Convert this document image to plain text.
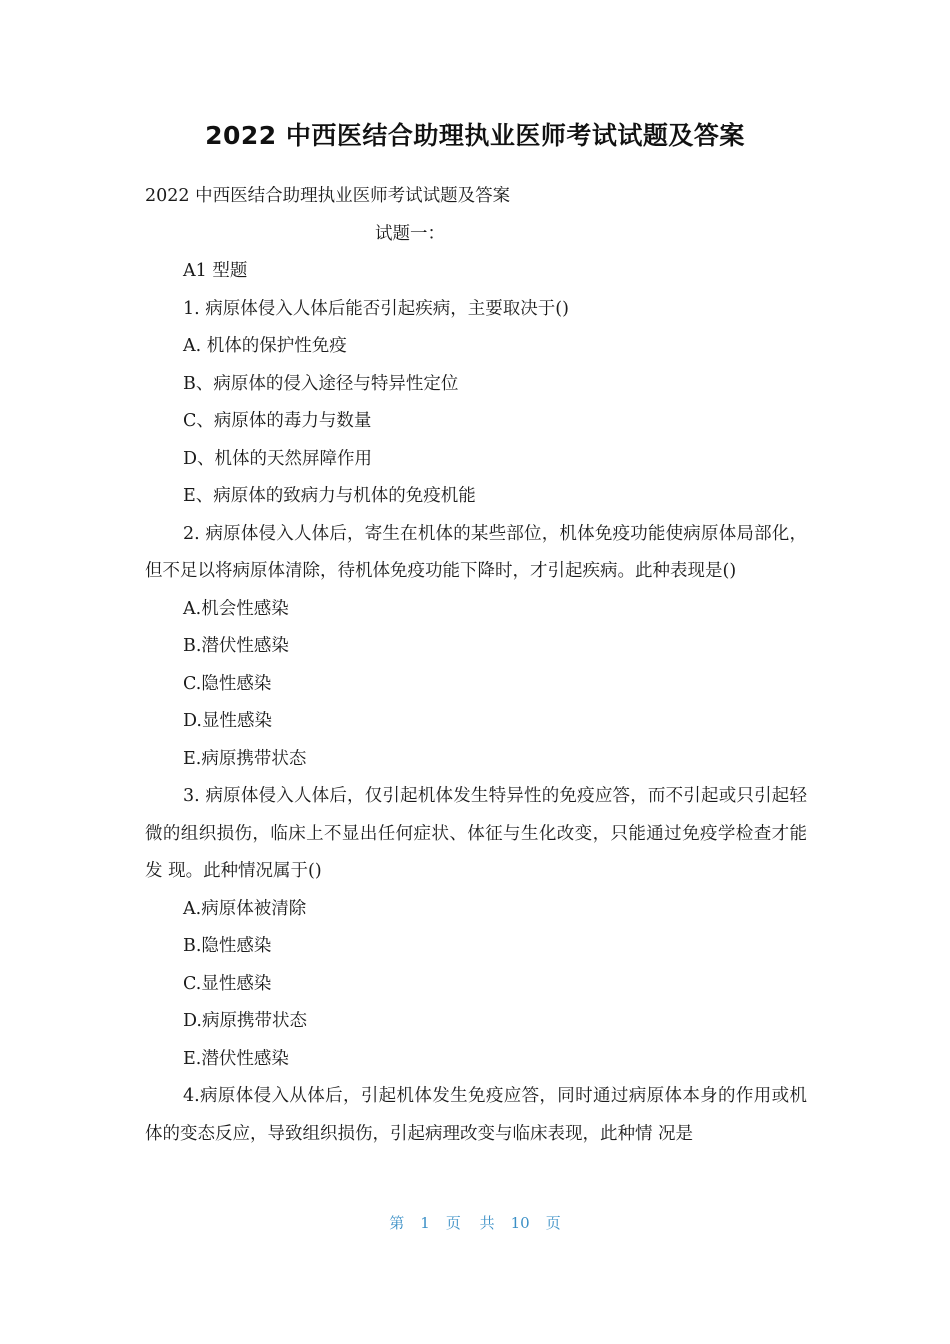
2022 中西医结合助理执业医师考试试题及答案
2022 中西医结合助理执业医师考试试题及答案
试题一：
A1 型题
1. 病原体侵入人体后能否引起疾病，主要取决于()
A. 机体的保护性免疫
B、病原体的侵入途径与特异性定位
C、病原体的毒力与数量
D、机体的天然屏障作用
E、病原体的致病力与机体的免疫机能
2. 病原体侵入人体后，寄生在机体的某些部位，机体免疫功能使病原体局部化，但不足以将病原体清除，待机体免疫功能下降时，才引起疾病。此种表现是()
A.机会性感染
B.潜伏性感染
C.隐性感染
D.显性感染
E.病原携带状态
3. 病原体侵入人体后，仅引起机体发生特异性的免疫应答，而不引起或只引起轻微的组织损伤，临床上不显出任何症状、体征与生化改变，只能通过免疫学检查才能发 现。此种情况属于()
A.病原体被清除
B.隐性感染
C.显性感染
D.病原携带状态
E.潜伏性感染
4.病原体侵入从体后，引起机体发生免疫应答，同时通过病原体本身的作用或机体的变态反应，导致组织损伤，引起病理改变与临床表现，此种情 况是
第 1 页 共 10 页
